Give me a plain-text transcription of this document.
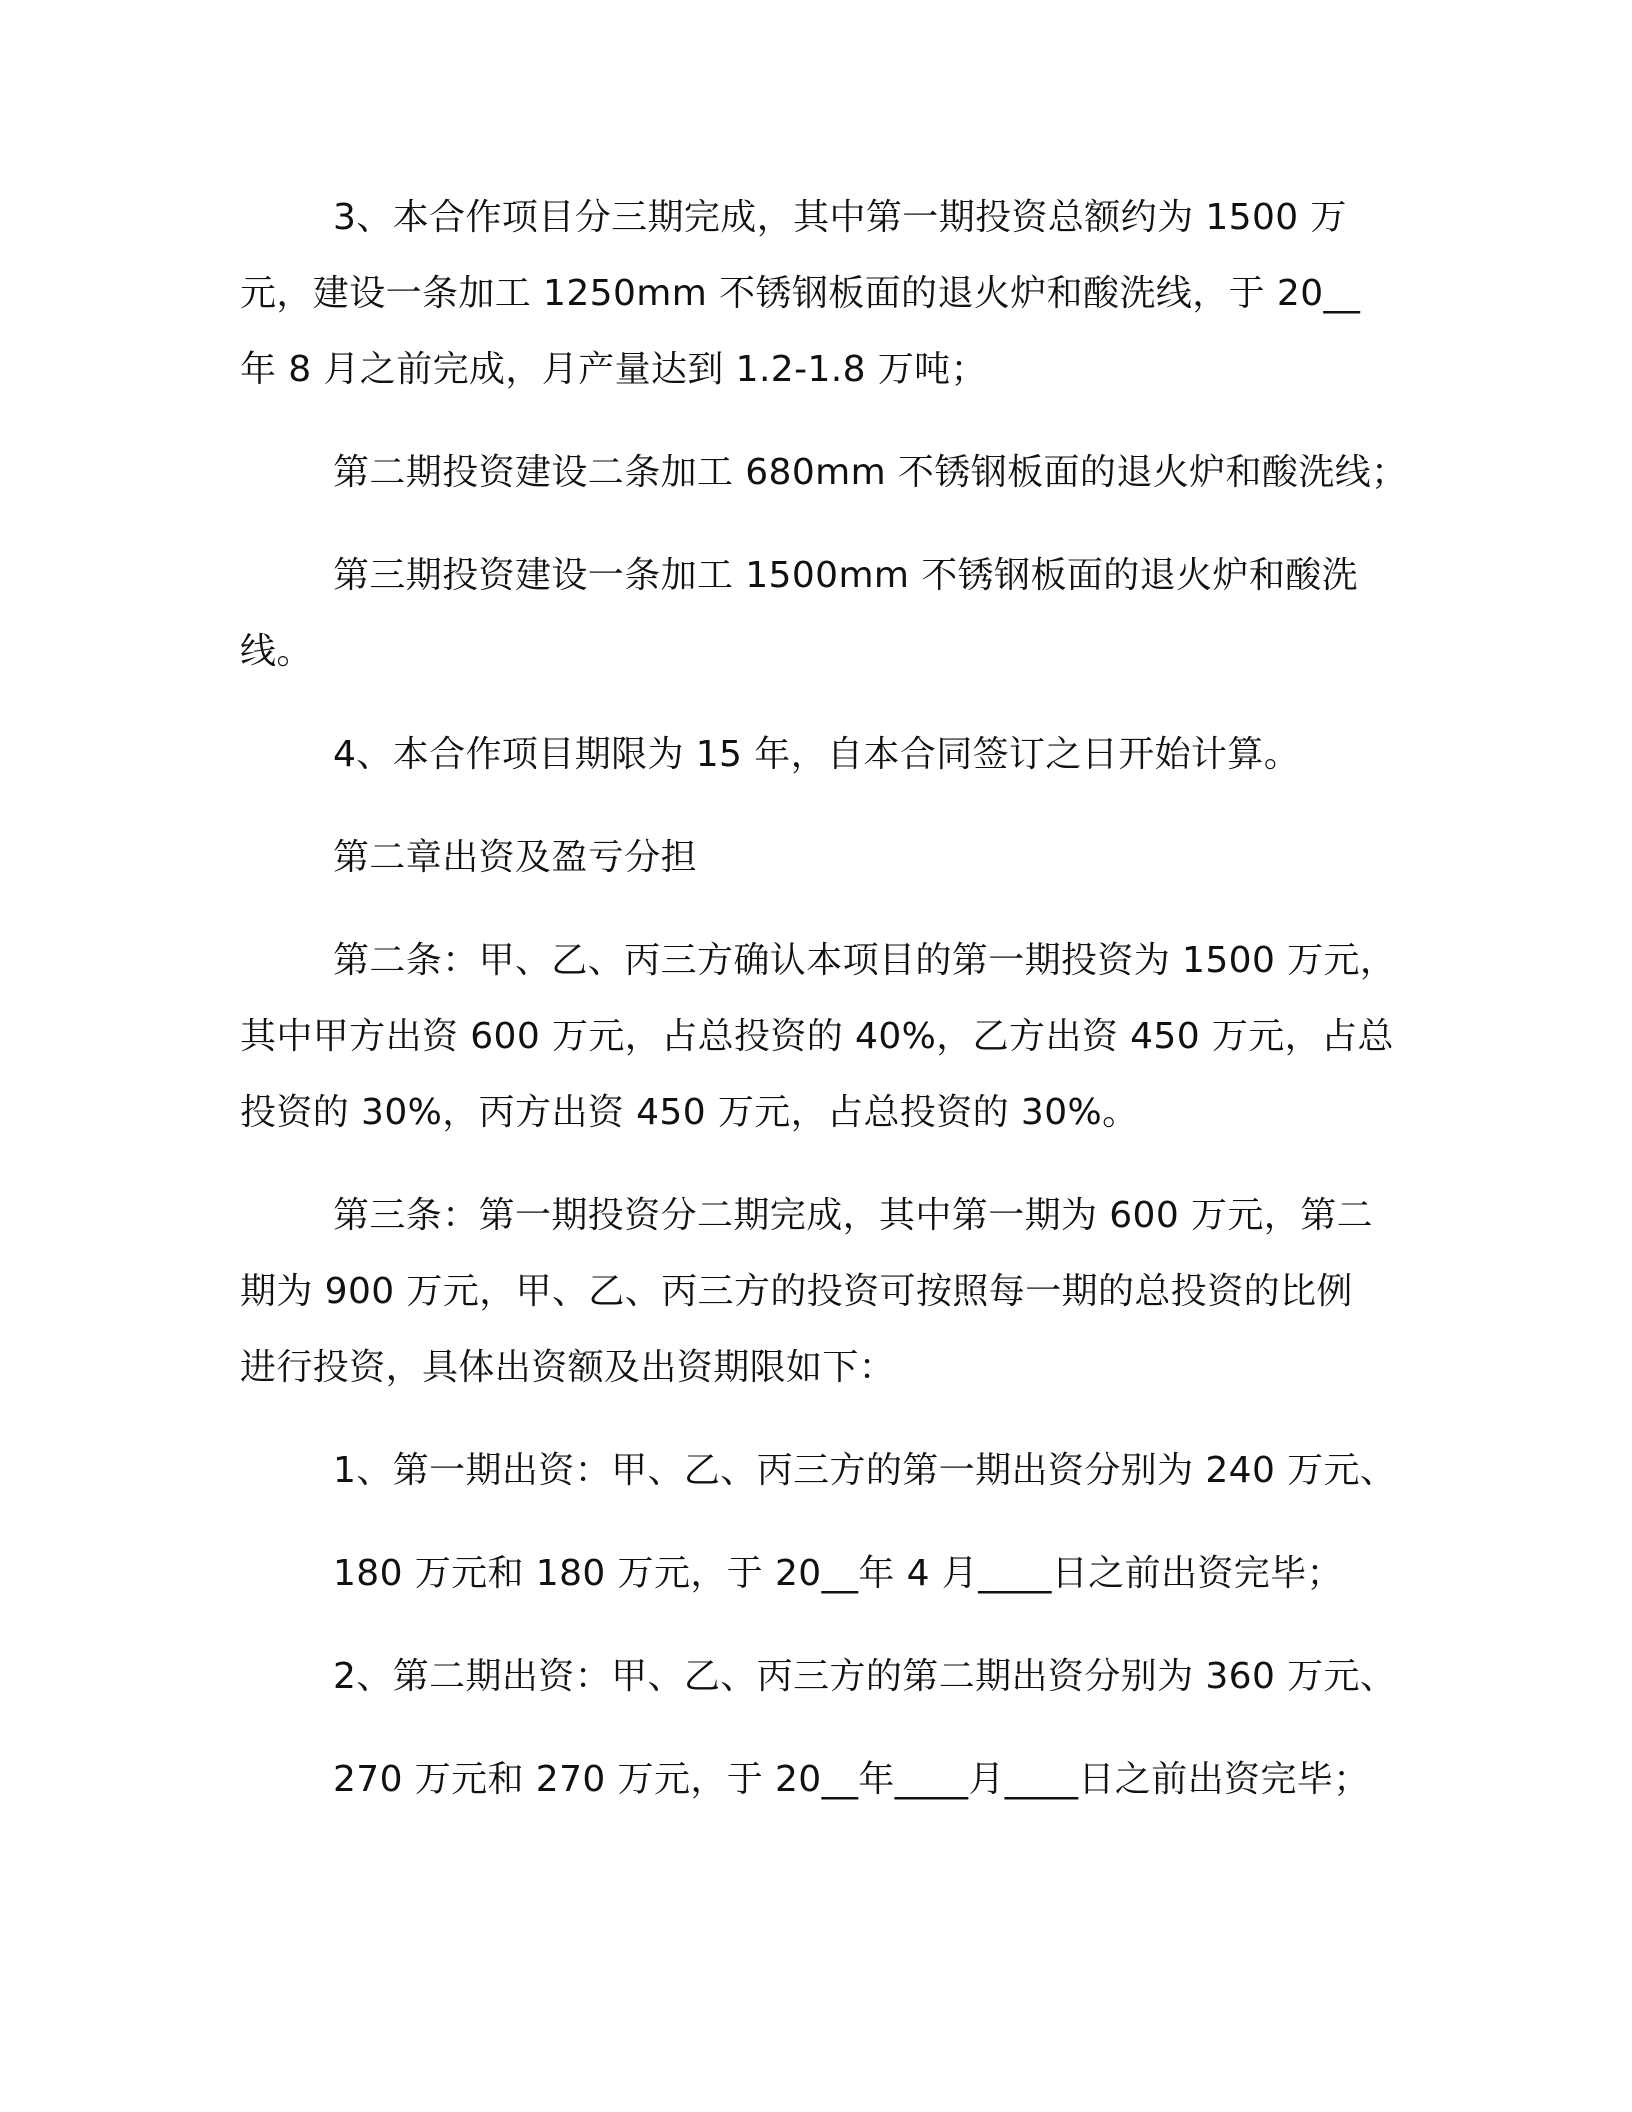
3、本合作项目分三期完成，其中第一期投资总额约为 1500 万
元，建设一条加工 1250mm 不锈钢板面的退火炉和酸洗线，于 20__
年 8 月之前完成，月产量达到 1.2-1.8 万吨；
第二期投资建设二条加工 680mm 不锈钢板面的退火炉和酸洗线；
第三期投资建设一条加工 1500mm 不锈钢板面的退火炉和酸洗
线。
4、本合作项目期限为 15 年，自本合同签订之日开始计算。
第二章出资及盈亏分担
第二条：甲、乙、丙三方确认本项目的第一期投资为 1500 万元，
其中甲方出资 600 万元，占总投资的 40%，乙方出资 450 万元，占总
投资的 30%，丙方出资 450 万元，占总投资的 30%。
第三条：第一期投资分二期完成，其中第一期为 600 万元，第二
期为 900 万元，甲、乙、丙三方的投资可按照每一期的总投资的比例
进行投资，具体出资额及出资期限如下：
1、第一期出资：甲、乙、丙三方的第一期出资分别为 240 万元、
180 万元和 180 万元，于 20__年 4 月____日之前出资完毕；
2、第二期出资：甲、乙、丙三方的第二期出资分别为 360 万元、
270 万元和 270 万元，于 20__年____月____日之前出资完毕；
